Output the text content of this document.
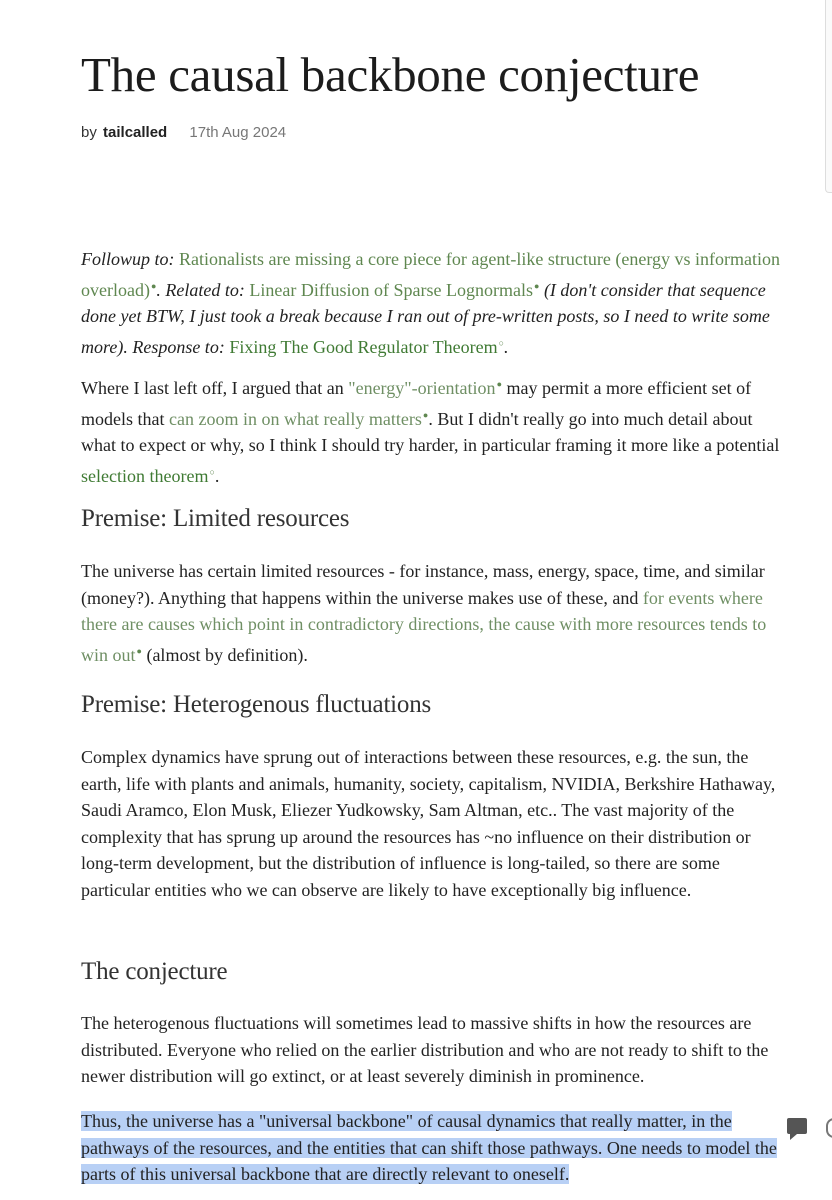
The causal backbone conjecture
by tailcalled 17th Aug 2024

Followup to: Rationalists are missing a core piece for agent-like structure (energy vs information overload)●. Related to: Linear Diffusion of Sparse Lognormals● (I don't consider that sequence done yet BTW, I just took a break because I ran out of pre-written posts, so I need to write some more). Response to: Fixing The Good Regulator Theorem○.

Where I last left off, I argued that an "energy"-orientation● may permit a more efficient set of models that can zoom in on what really matters●. But I didn't really go into much detail about what to expect or why, so I think I should try harder, in particular framing it more like a potential selection theorem○.

Premise: Limited resources

The universe has certain limited resources - for instance, mass, energy, space, time, and similar (money?). Anything that happens within the universe makes use of these, and for events where there are causes which point in contradictory directions, the cause with more resources tends to win out● (almost by definition).

Premise: Heterogenous fluctuations

Complex dynamics have sprung out of interactions between these resources, e.g. the sun, the earth, life with plants and animals, humanity, society, capitalism, NVIDIA, Berkshire Hathaway, Saudi Aramco, Elon Musk, Eliezer Yudkowsky, Sam Altman, etc.. The vast majority of the complexity that has sprung up around the resources has ~no influence on their distribution or long-term development, but the distribution of influence is long-tailed, so there are some particular entities who we can observe are likely to have exceptionally big influence.

The conjecture

The heterogenous fluctuations will sometimes lead to massive shifts in how the resources are distributed. Everyone who relied on the earlier distribution and who are not ready to shift to the newer distribution will go extinct, or at least severely diminish in prominence.

Thus, the universe has a "universal backbone" of causal dynamics that really matter, in the pathways of the resources, and the entities that can shift those pathways. One needs to model the parts of this universal backbone that are directly relevant to oneself.
